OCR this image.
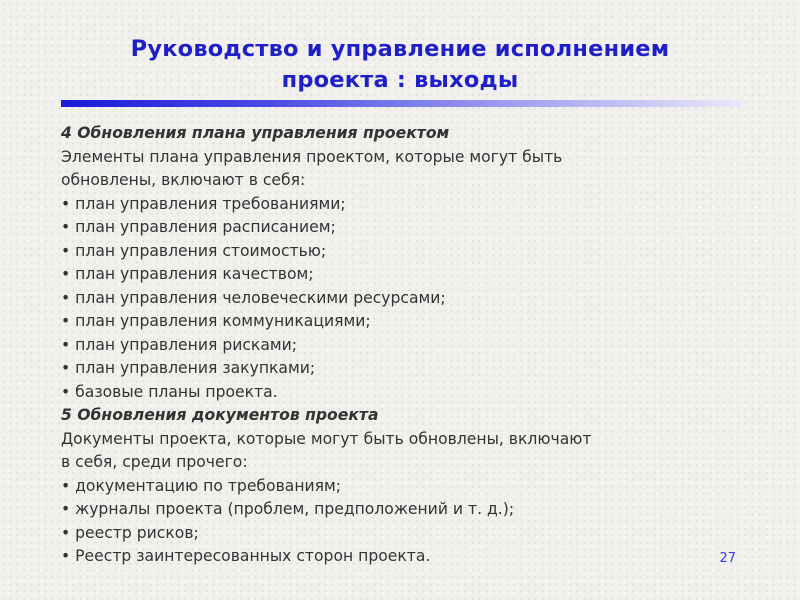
Руководство и управление исполнением
проекта : выходы
4 Обновления плана управления проектом
Элементы плана управления проектом, которые могут быть
обновлены, включают в себя:
• план управления требованиями;
• план управления расписанием;
• план управления стоимостью;
• план управления качеством;
• план управления человеческими ресурсами;
• план управления коммуникациями;
• план управления рисками;
• план управления закупками;
• базовые планы проекта.
5 Обновления документов проекта
Документы проекта, которые могут быть обновлены, включают
в себя, среди прочего:
• документацию по требованиям;
• журналы проекта (проблем, предположений и т. д.);
• реестр рисков;
• Реестр заинтересованных сторон проекта.	27
